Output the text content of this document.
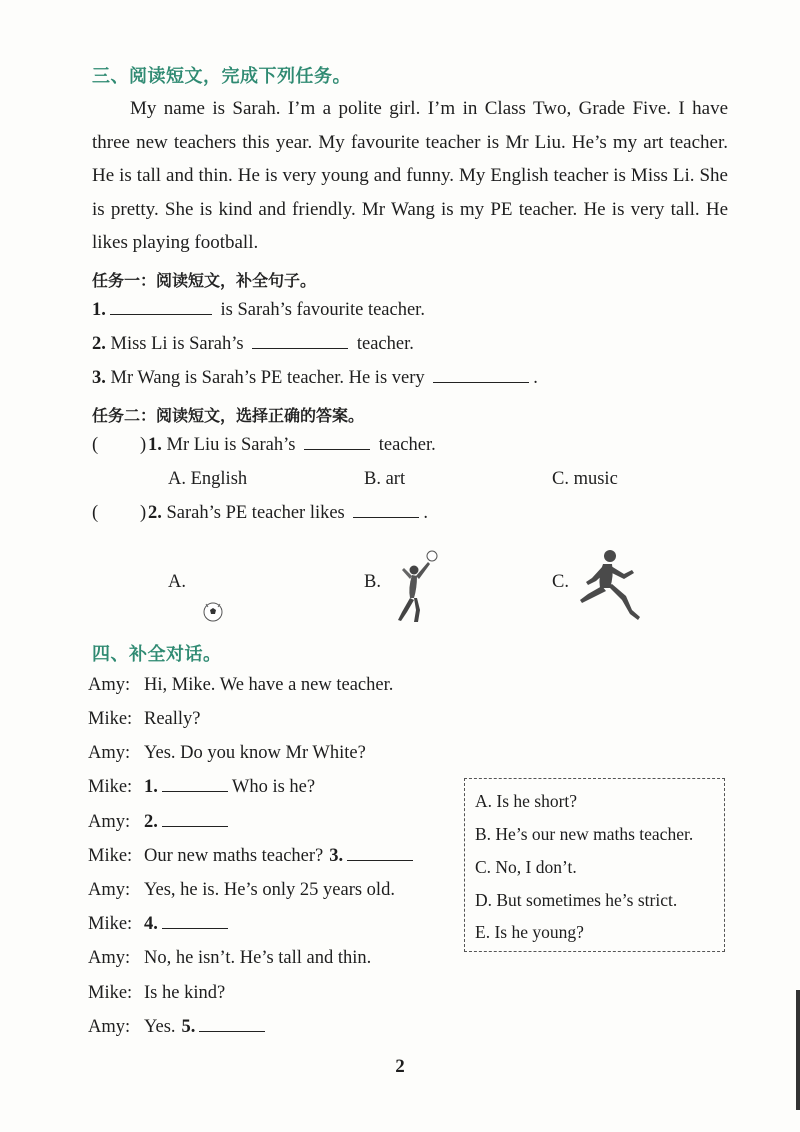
三、阅读短文，完成下列任务。
My name is Sarah. I’m a polite girl. I’m in Class Two, Grade Five. I have three new teachers this year. My favourite teacher is Mr Liu. He’s my art teacher. He is tall and thin. He is very young and funny. My English teacher is Miss Li. She is pretty. She is kind and friendly. Mr Wang is my PE teacher. He is very tall. He likes playing football.
任务一：阅读短文，补全句子。
1.	is Sarah’s favourite teacher.
2. Miss Li is Sarah’s	teacher.
3. Mr Wang is Sarah’s PE teacher. He is very	.
任务二：阅读短文，选择正确的答案。
( ) 1. Mr Liu is Sarah’s	teacher.
A. English	B. art	C. music
( ) 2. Sarah’s PE teacher likes	.
A.	B.	C.
四、补全对话。
Amy: Hi, Mike. We have a new teacher.
Mike: Really?
Amy: Yes. Do you know Mr White?
Mike: 1.	Who is he?
Amy: 2.
Mike: Our new maths teacher? 3.
Amy: Yes, he is. He’s only 25 years old.
Mike: 4.
Amy: No, he isn’t. He’s tall and thin.
Mike: Is he kind?
Amy: Yes. 5.
A. Is he short?
B. He’s our new maths teacher.
C. No, I don’t.
D. But sometimes he’s strict.
E. Is he young?
2
